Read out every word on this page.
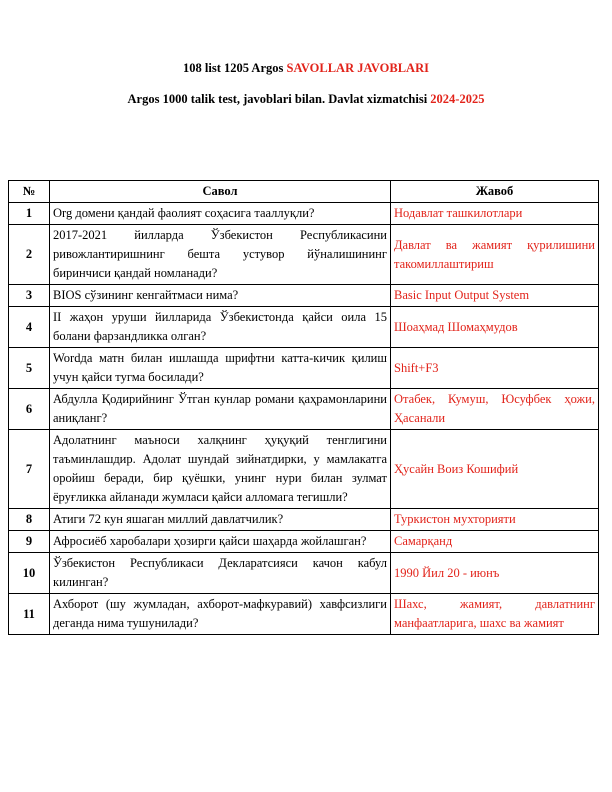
108 list 1205 Argos SAVOLLAR JAVOBLARI
Argos 1000 talik test, javoblari bilan. Davlat xizmatchisi 2024-2025
№	Савол	Жавоб
1	Org домени қандай фаолият соҳасига тааллуқли?	Нодавлат ташкилотлари
2	2017-2021 йилларда Ўзбекистон Республикасини ривожлантиришнинг бешта устувор йўналишининг биринчиси қандай номланади?	Давлат ва жамият қурилишини такомиллаштириш
3	BIOS сўзининг кенгайтмаси нима?	Basic Input Output System
4	II жаҳон уруши йилларида Ўзбекистонда қайси оила 15 болани фарзандликка олган?	Шоаҳмад Шомаҳмудов
5	Wordда матн билан ишлашда шрифтни катта-кичик қилиш учун қайси тугма босилади?	Shift+F3
6	Абдулла Қодирийнинг Ўтган кунлар романи қаҳрамонларини аниқланг?	Отабек, Кумуш, Юсуфбек ҳожи, Ҳасанали
7	Адолатнинг маъноси халқнинг ҳуқуқий тенглигини таъминлашдир. Адолат шундай зийнатдирки, у мамлакатга оройиш беради, бир қуёшки, унинг нури билан зулмат ёруғликка айланади жумласи қайси алломага тегишли?	Ҳусайн Воиз Кошифий
8	Атиги 72 кун яшаган миллий давлатчилик?	Туркистон мухторияти
9	Афросиёб харобалари ҳозирги қайси шаҳарда жойлашган?	Самарқанд
10	Ўзбекистон Республикаси Декларатсияси качон кабул килинган?	1990 Йил 20 - июнъ
11	Ахборот (шу жумладан, ахборот-мафкуравий) хавфсизлиги деганда нима тушунилади?	Шахс, жамият, давлатнинг манфаатларига, шахс ва жамият
